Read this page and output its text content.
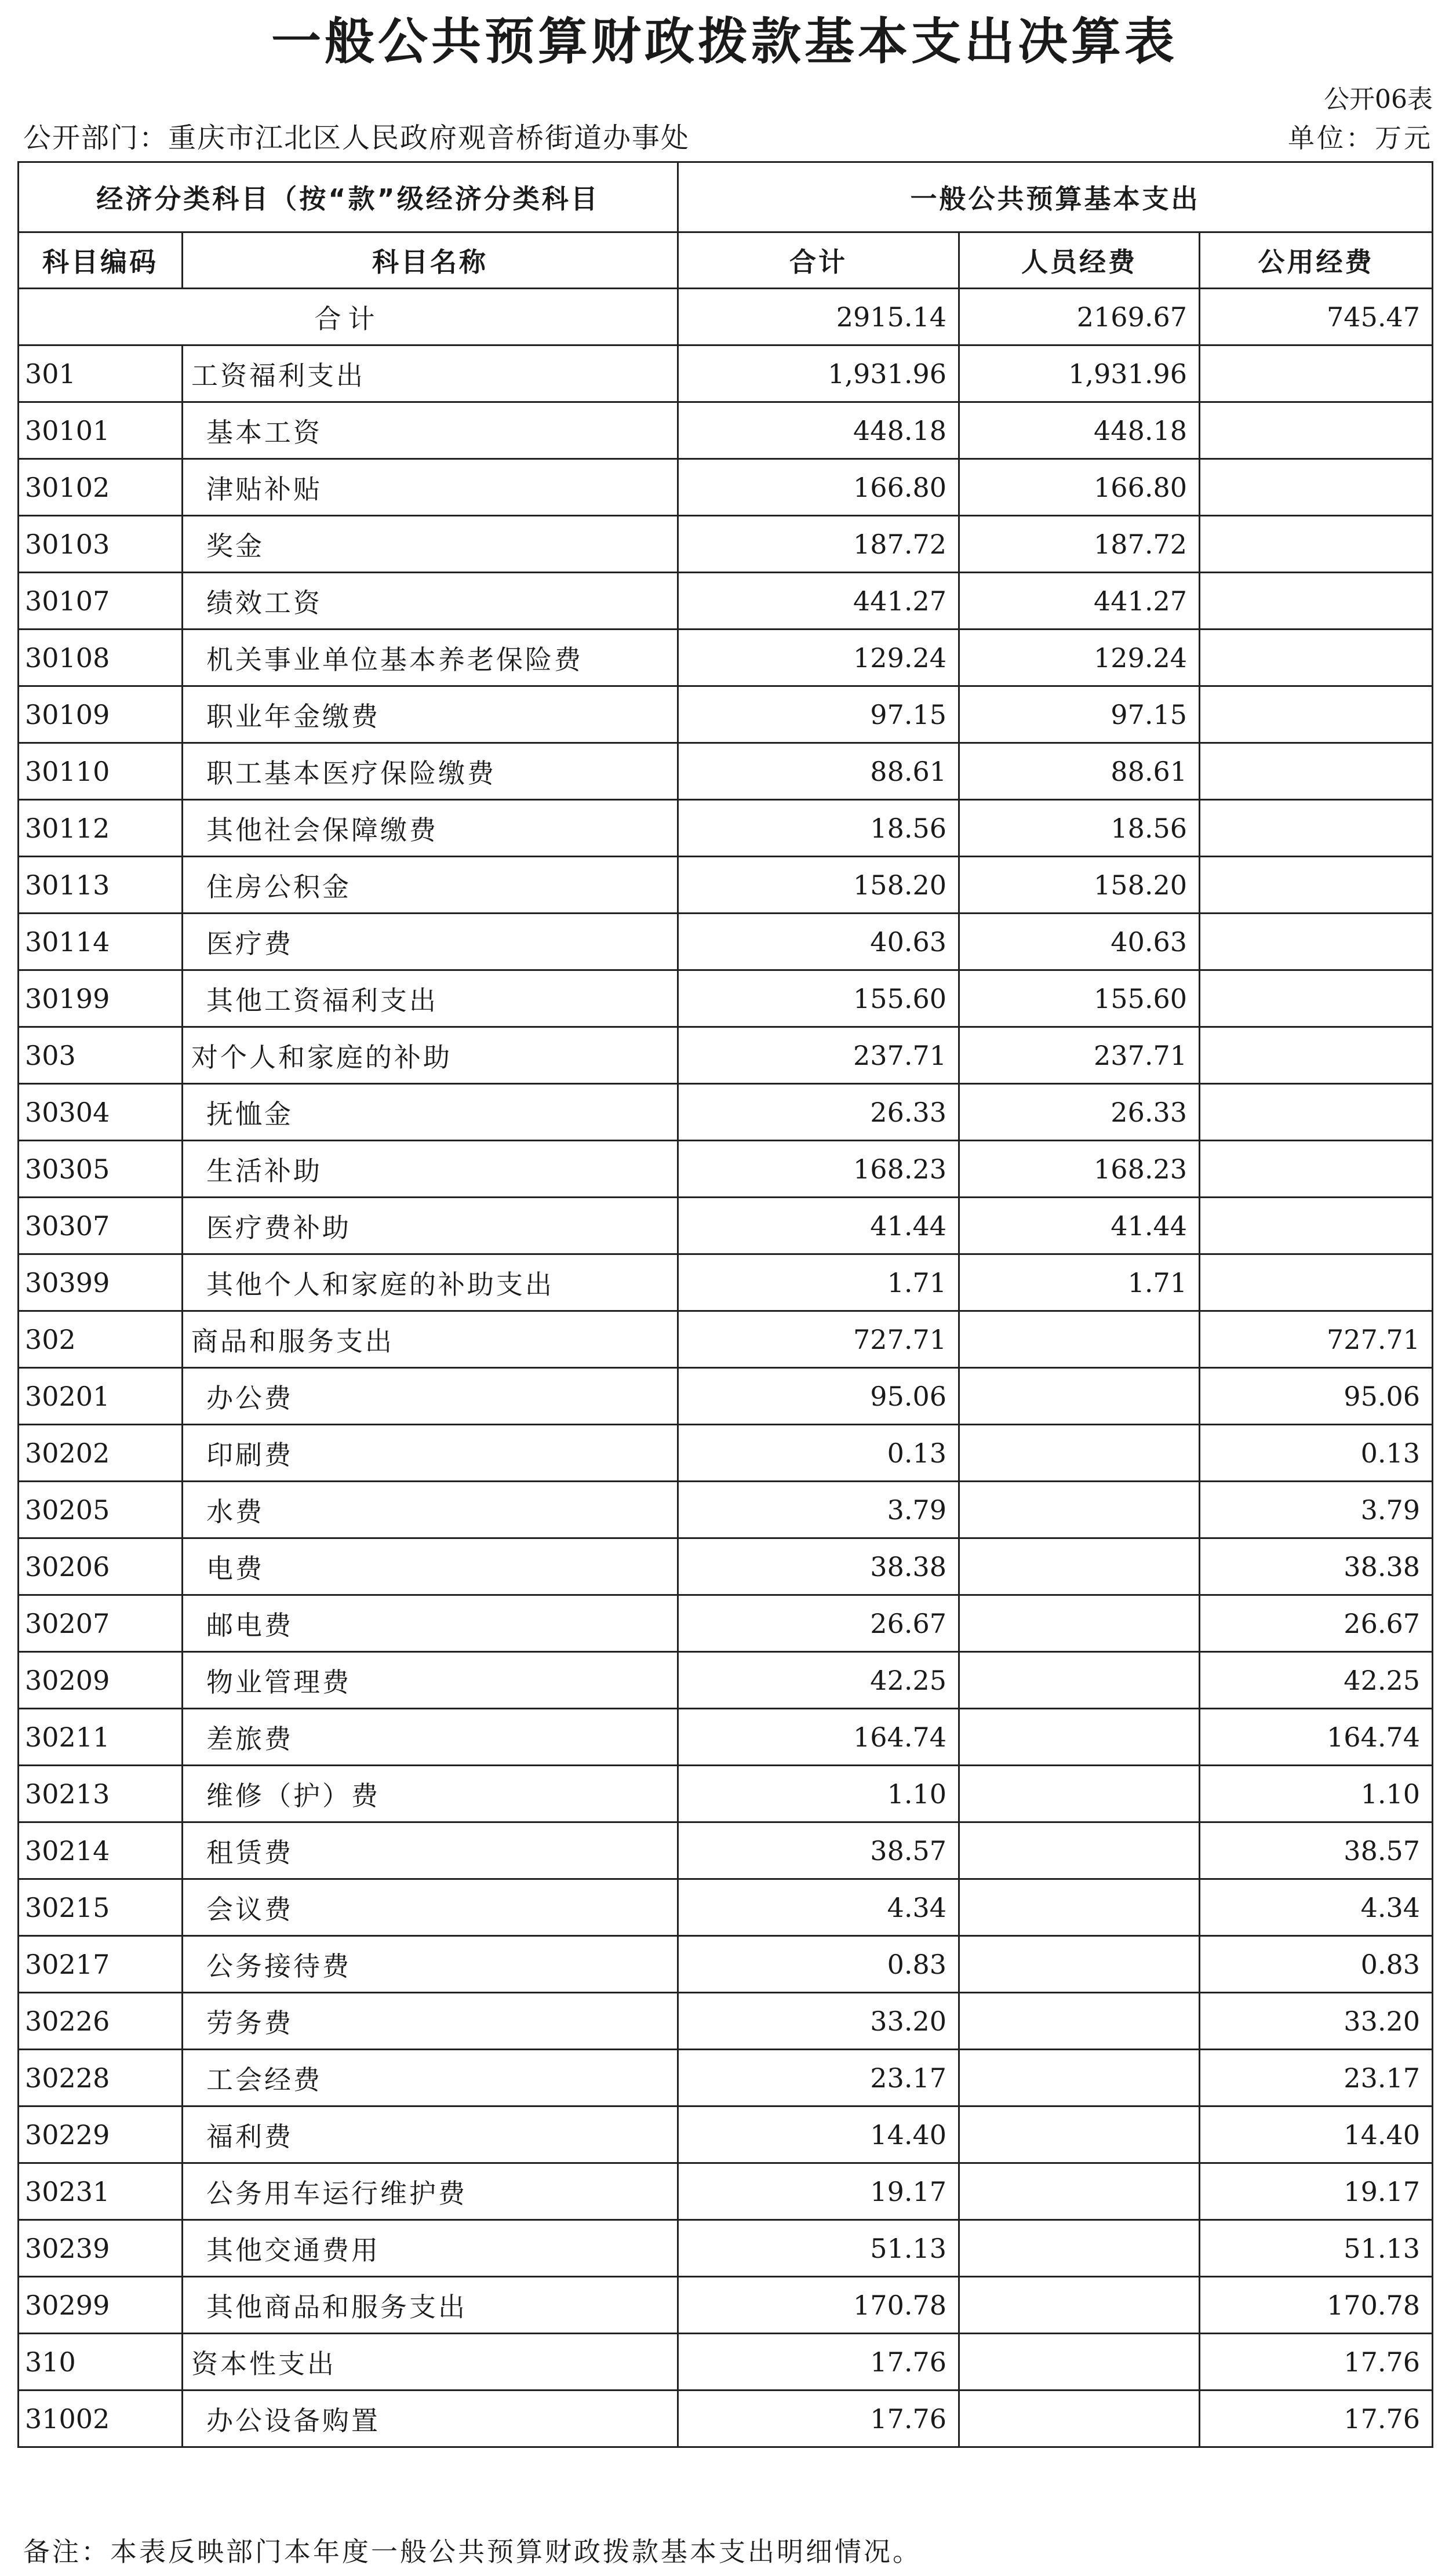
一般公共预算财政拨款基本支出决算表
公开06表
公开部门：重庆市江北区人民政府观音桥街道办事处	单位：万元
经济分类科目（按“款”级经济分类科目		一般公共预算基本支出		
科目编码	科目名称	合计	人员经费	公用经费
合计		2915.14	2169.67	745.47
301	工资福利支出	1,931.96	1,931.96	
30101	基本工资	448.18	448.18	
30102	津贴补贴	166.80	166.80	
30103	奖金	187.72	187.72	
30107	绩效工资	441.27	441.27	
30108	机关事业单位基本养老保险费	129.24	129.24	
30109	职业年金缴费	97.15	97.15	
30110	职工基本医疗保险缴费	88.61	88.61	
30112	其他社会保障缴费	18.56	18.56	
30113	住房公积金	158.20	158.20	
30114	医疗费	40.63	40.63	
30199	其他工资福利支出	155.60	155.60	
303	对个人和家庭的补助	237.71	237.71	
30304	抚恤金	26.33	26.33	
30305	生活补助	168.23	168.23	
30307	医疗费补助	41.44	41.44	
30399	其他个人和家庭的补助支出	1.71	1.71	
302	商品和服务支出	727.71		727.71
30201	办公费	95.06		95.06
30202	印刷费	0.13		0.13
30205	水费	3.79		3.79
30206	电费	38.38		38.38
30207	邮电费	26.67		26.67
30209	物业管理费	42.25		42.25
30211	差旅费	164.74		164.74
30213	维修（护）费	1.10		1.10
30214	租赁费	38.57		38.57
30215	会议费	4.34		4.34
30217	公务接待费	0.83		0.83
30226	劳务费	33.20		33.20
30228	工会经费	23.17		23.17
30229	福利费	14.40		14.40
30231	公务用车运行维护费	19.17		19.17
30239	其他交通费用	51.13		51.13
30299	其他商品和服务支出	170.78		170.78
310	资本性支出	17.76		17.76
31002	办公设备购置	17.76		17.76
备注：本表反映部门本年度一般公共预算财政拨款基本支出明细情况。
